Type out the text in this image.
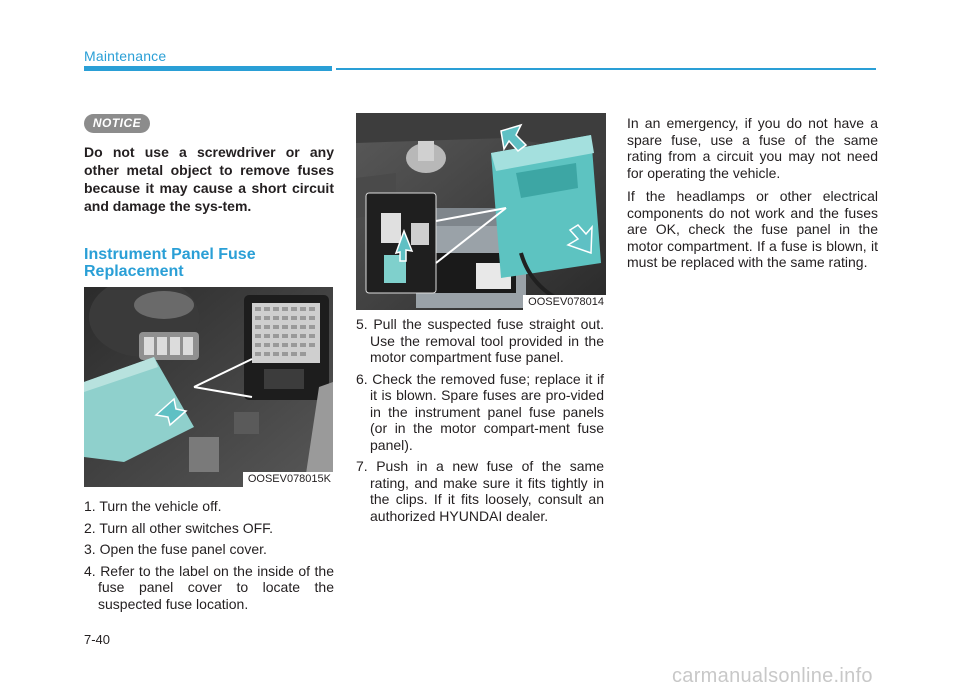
Maintenance
NOTICE
Do not use a screwdriver or any other metal object to remove fuses because it may cause a short circuit and damage the sys-tem.
Instrument Panel Fuse
Replacement
OOSEV078015K
OOSEV078014
1. Turn the vehicle off.
2. Turn all other switches OFF.
3. Open the fuse panel cover.
4. Refer to the label on the inside of the fuse panel cover to locate the suspected fuse location.
5. Pull the suspected fuse straight out. Use the removal tool provided in the motor compartment fuse panel.
6. Check the removed fuse; replace it if it is blown. Spare fuses are pro-vided in the instrument panel fuse panels (or in the motor compart-ment fuse panel).
7. Push in a new fuse of the same rating, and make sure it fits tightly in the clips. If it fits loosely, consult an authorized HYUNDAI dealer.

In an emergency, if you do not have a spare fuse, use a fuse of the same rating from a circuit you may not need for operating the vehicle.

If the headlamps or other electrical components do not work and the fuses are OK, check the fuse panel in the motor compartment. If a fuse is blown, it must be replaced with the same rating.

7-40
carmanualsonline.info
